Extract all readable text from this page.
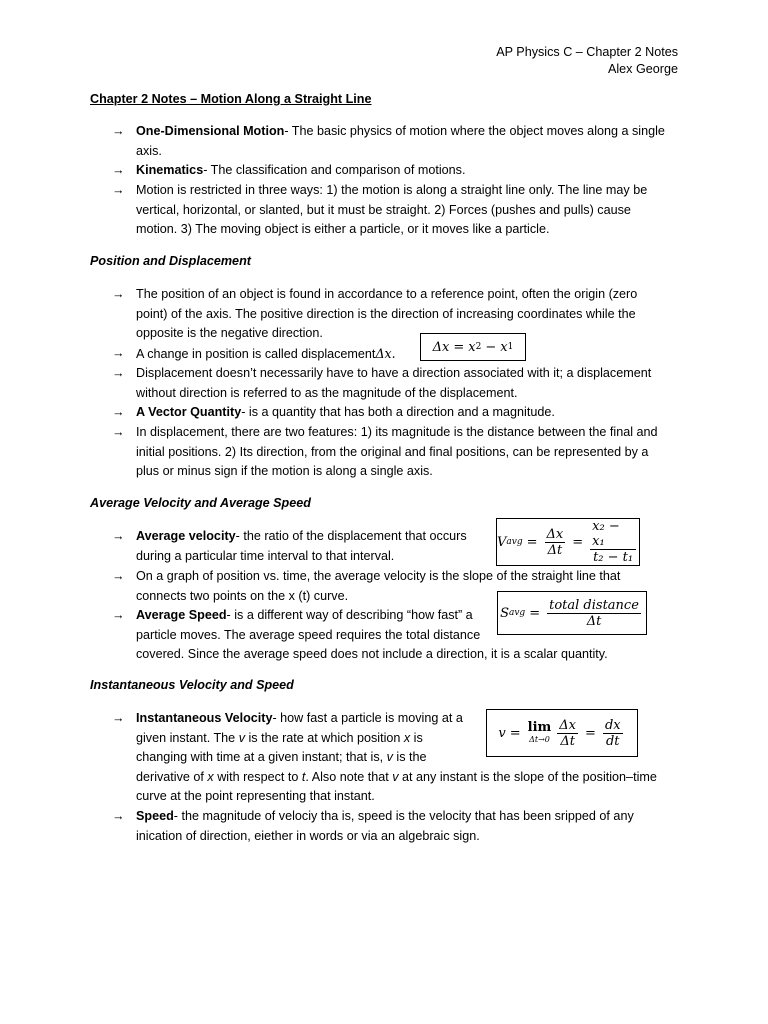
AP Physics C – Chapter 2 Notes
Alex George
Chapter 2 Notes – Motion Along a Straight Line
→ One-Dimensional Motion- The basic physics of motion where the object moves along a single
axis.
→ Kinematics- The classification and comparison of motions.
→ Motion is restricted in three ways: 1) the motion is along a straight line only. The line may be
vertical, horizontal, or slanted, but it must be straight. 2) Forces (pushes and pulls) cause
motion. 3) The moving object is either a particle, or it moves like a particle.
Position and Displacement
→ The position of an object is found in accordance to a reference point, often the origin (zero
point) of the axis. The positive direction is the direction of increasing coordinates while the
opposite is the negative direction.
→ A change in position is called displacementΔx.	Δx = x 2 − x 1
→ Displacement doesn’t necessarily have to have a direction associated with it; a displacement
without direction is referred to as the magnitude of the displacement.
→ A Vector Quantity- is a quantity that has both a direction and a magnitude.
→ In displacement, there are two features: 1) its magnitude is the distance between the final and
initial positions. 2) Its direction, from the original and final positions, can be represented by a
plus or minus sign if the motion is along a single axis.
Average Velocity and Average Speed
→ Average velocity- the ratio of the displacement that occurs
during a particular time interval to that interval.
V avg = $\frac{\Delta x}{\Delta t} = \frac{\text{x₂ − x₁}}{\text{t₂ − t₁}}$
→ On a graph of position vs. time, the average velocity is the slope of the straight line that
connects two points on the x (t) curve.
→ Average Speed- is a different way of describing “how fast” a
particle moves. The average speed requires the total distance
covered. Since the average speed does not include a direction, it is a scalar quantity.
S avg = $\frac{\text{total distance}}{\Delta t}$
Instantaneous Velocity and Speed
→ Instantaneous Velocity- how fast a particle is moving at a
given instant. The v is the rate at which position x is
changing with time at a given instant; that is, v is the
derivative of x with respect to t. Also note that v at any instant is the slope of the position–time
curve at the point representing that instant.
v = lim
$\Delta t\to 0 \frac{\Delta x}{\Delta t} = \frac{dx}{dt}$
→ Speed- the magnitude of velociy tha is, speed is the velocity that has been sripped of any
inication of direction, eiether in words or via an algebraic sign.
